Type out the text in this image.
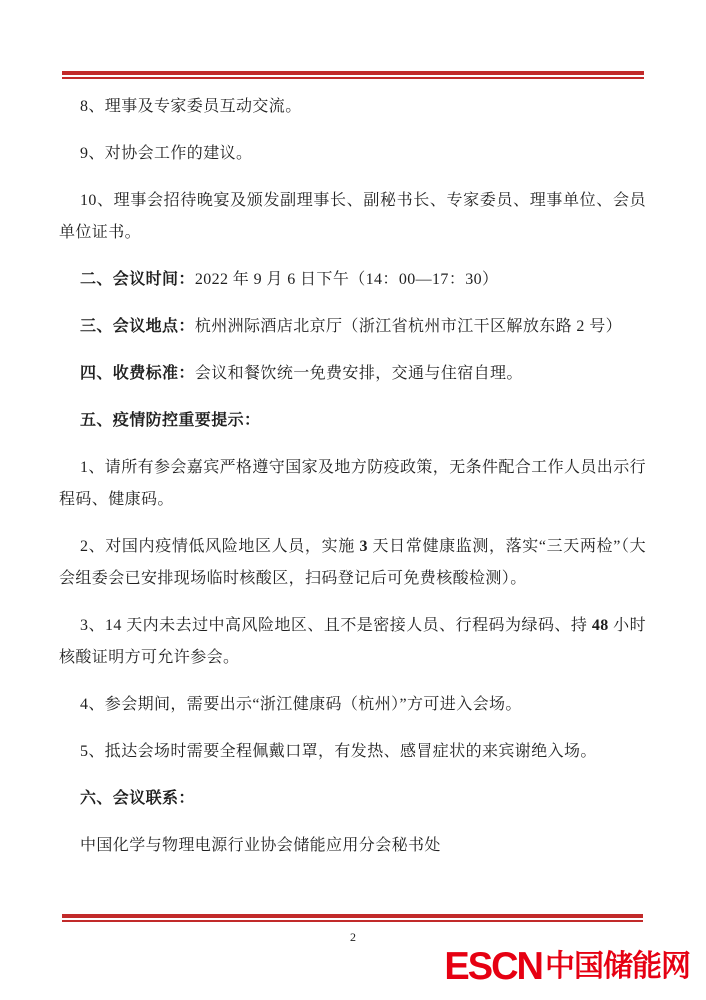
8、理事及专家委员互动交流。

9、对协会工作的建议。

10、理事会招待晚宴及颁发副理事长、副秘书长、专家委员、理事单位、会员单位证书。

二、会议时间：2022 年 9 月 6 日下午（14：00—17：30）

三、会议地点：杭州洲际酒店北京厅（浙江省杭州市江干区解放东路 2 号）

四、收费标准：会议和餐饮统一免费安排，交通与住宿自理。

五、疫情防控重要提示：

1、请所有参会嘉宾严格遵守国家及地方防疫政策，无条件配合工作人员出示行程码、健康码。

2、对国内疫情低风险地区人员，实施 3 天日常健康监测，落实“三天两检”（大会组委会已安排现场临时核酸区，扫码登记后可免费核酸检测）。

3、14 天内未去过中高风险地区、且不是密接人员、行程码为绿码、持 48 小时核酸证明方可允许参会。

4、参会期间，需要出示“浙江健康码（杭州）”方可进入会场。

5、抵达会场时需要全程佩戴口罩，有发热、感冒症状的来宾谢绝入场。

六、会议联系：

中国化学与物理电源行业协会储能应用分会秘书处

2
ESCN 中国储能网
